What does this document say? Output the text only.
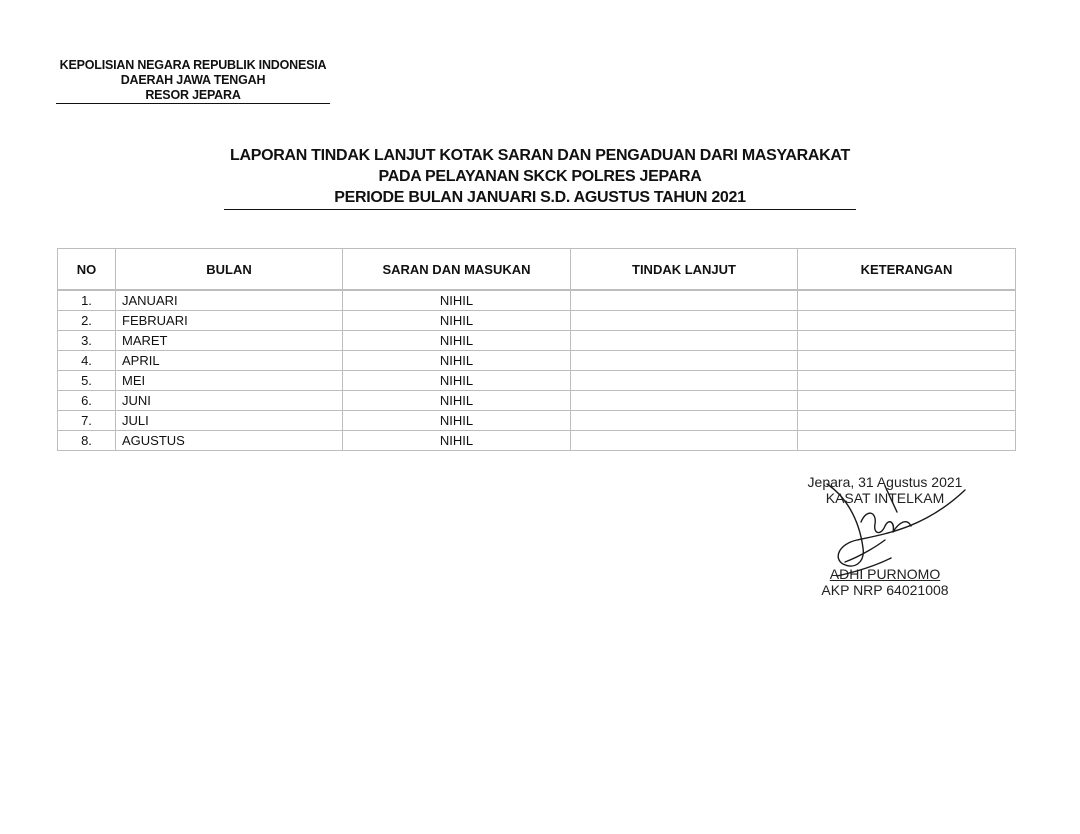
KEPOLISIAN NEGARA REPUBLIK INDONESIA
DAERAH JAWA TENGAH
RESOR JEPARA
LAPORAN TINDAK LANJUT KOTAK SARAN DAN PENGADUAN DARI MASYARAKAT
PADA PELAYANAN SKCK POLRES JEPARA
PERIODE BULAN JANUARI S.D. AGUSTUS TAHUN 2021
NO	BULAN	SARAN DAN MASUKAN	TINDAK LANJUT	KETERANGAN
1.	JANUARI	NIHIL		
2.	FEBRUARI	NIHIL		
3.	MARET	NIHIL		
4.	APRIL	NIHIL		
5.	MEI	NIHIL		
6.	JUNI	NIHIL		
7.	JULI	NIHIL		
8.	AGUSTUS	NIHIL		
Jepara, 31 Agustus 2021
KASAT INTELKAM
ADHI PURNOMO
AKP NRP 64021008
